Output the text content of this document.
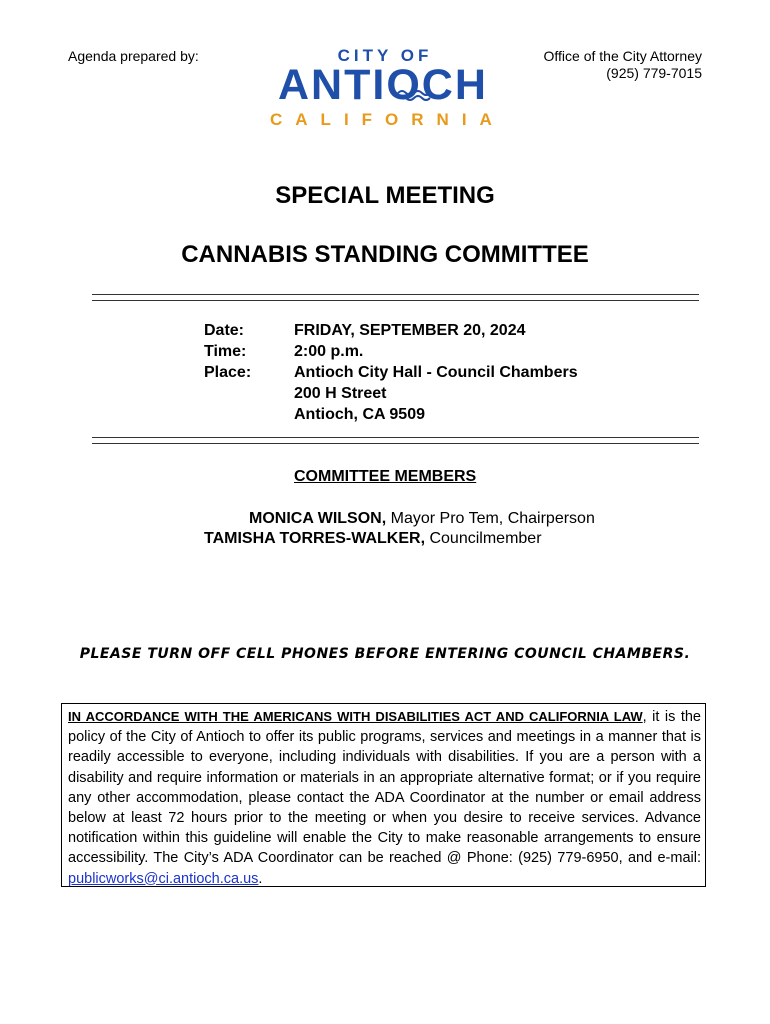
Agenda prepared by:	CITY OF
ANTIOCH
CALIFORNIA
Office of the City Attorney
(925) 779-7015
SPECIAL MEETING
CANNABIS STANDING COMMITTEE
Date:	FRIDAY, SEPTEMBER 20, 2024
Time:	2:00 p.m.
Place:	Antioch City Hall - Council Chambers
200 H Street
Antioch, CA 9509
COMMITTEE MEMBERS
MONICA WILSON, Mayor Pro Tem, Chairperson
TAMISHA TORRES-WALKER, Councilmember
PLEASE TURN OFF CELL PHONES BEFORE ENTERING COUNCIL CHAMBERS.
IN ACCORDANCE WITH THE AMERICANS WITH DISABILITIES ACT AND CALIFORNIA LAW, it is the policy of the City of Antioch to offer its public programs, services and meetings in a manner that is readily accessible to everyone, including individuals with disabilities. If you are a person with a disability and require information or materials in an appropriate alternative format; or if you require any other accommodation, please contact the ADA Coordinator at the number or email address below at least 72 hours prior to the meeting or when you desire to receive services. Advance notification within this guideline will enable the City to make reasonable arrangements to ensure accessibility. The City’s ADA Coordinator can be reached @ Phone: (925) 779-6950, and e-mail: publicworks@ci.antioch.ca.us.
